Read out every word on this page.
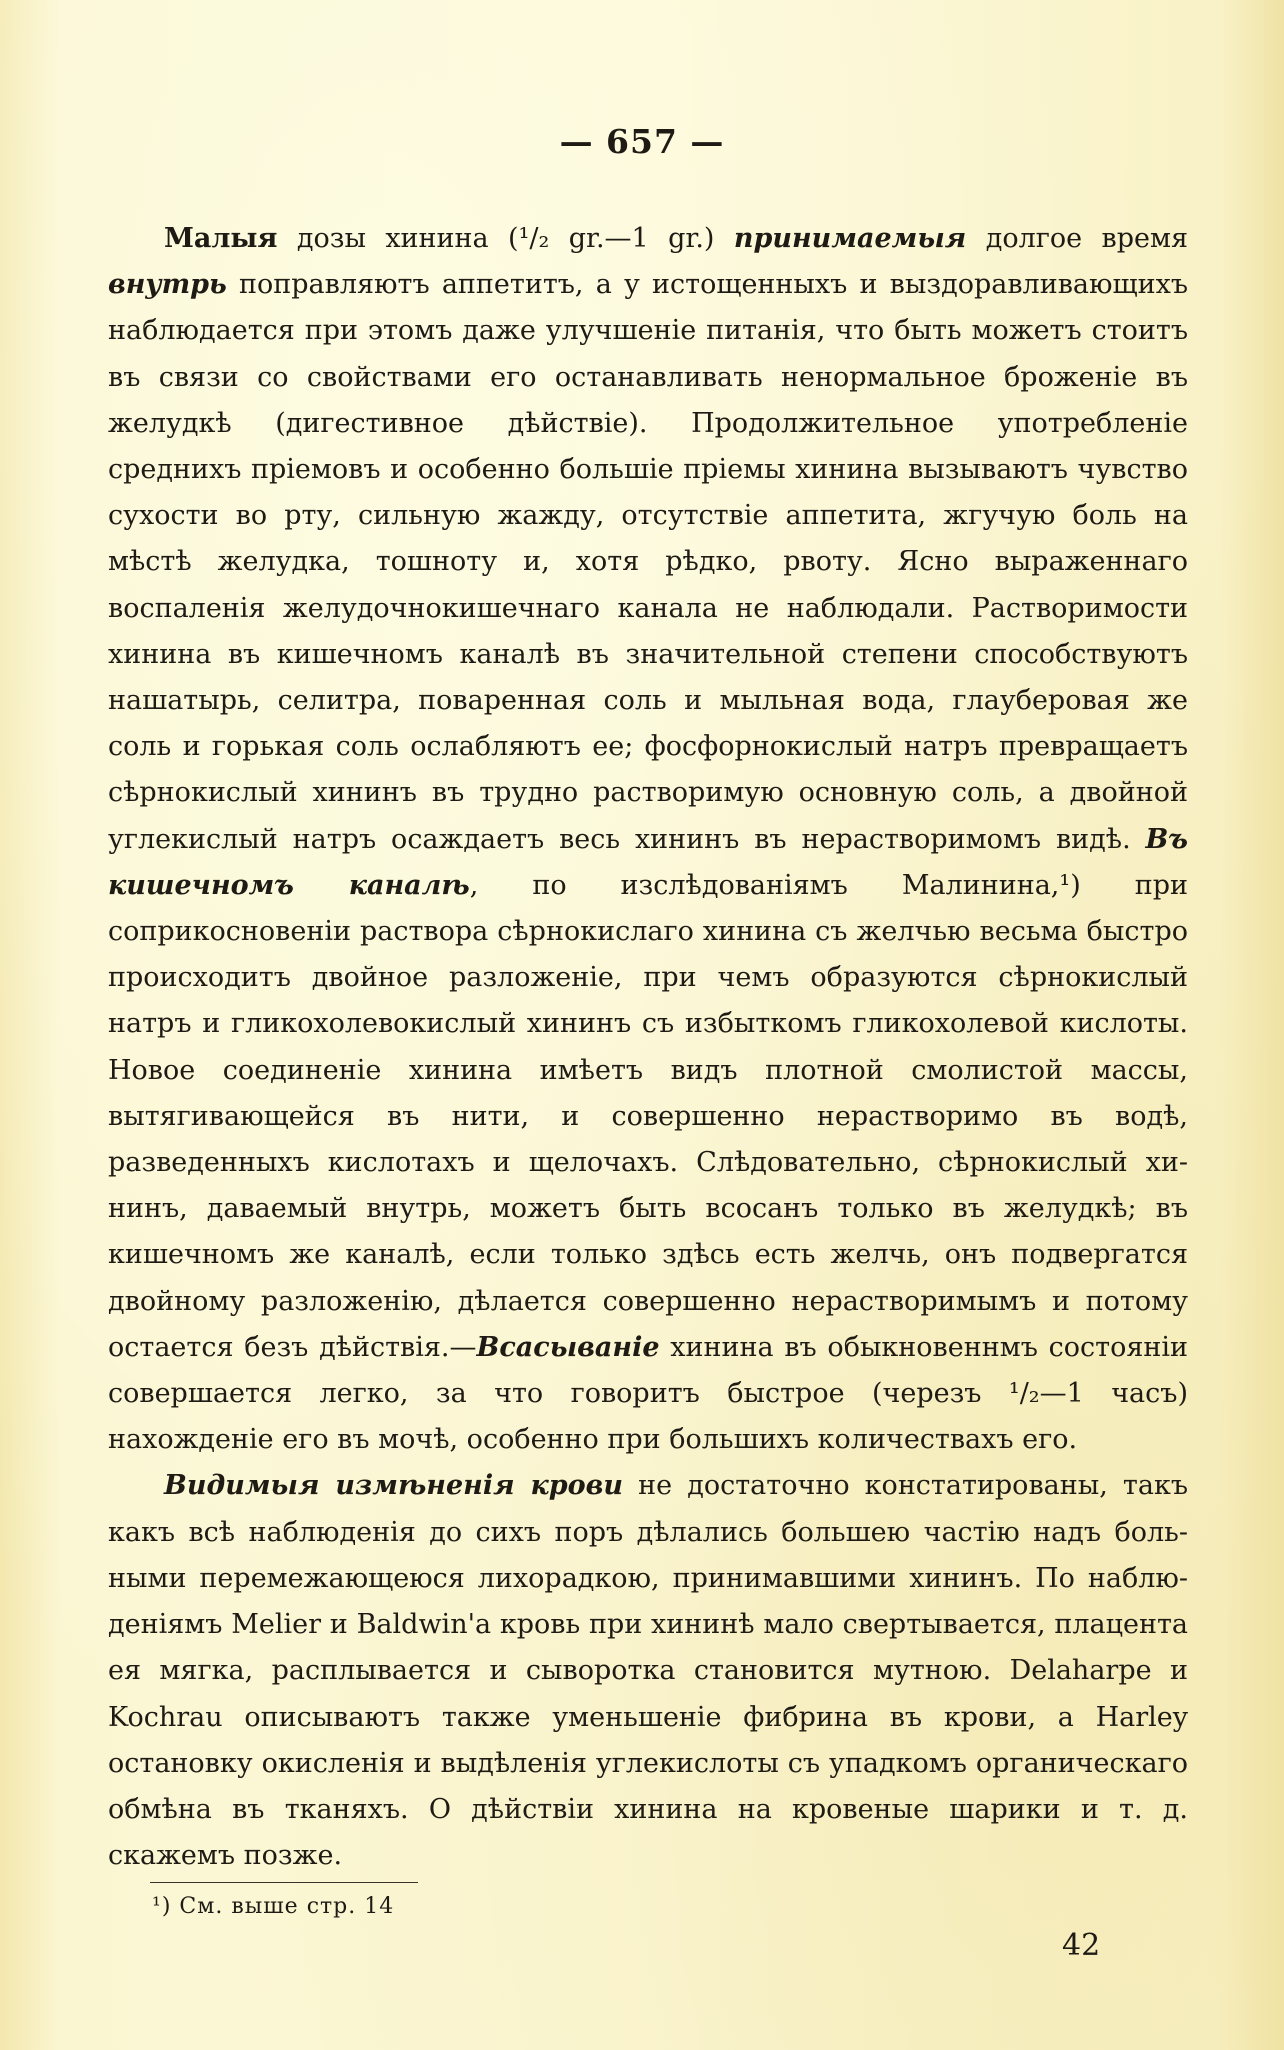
— 657 —

Малыя дозы хинина (¹/₂ gr.—1 gr.) принимаемыя долгое время внутрь поправляютъ аппетитъ, а у истощенныхъ и выздоравливающихъ наблюдается при этомъ даже улучшеніе питанія, что быть можетъ стоитъ въ связи со свойствами его останавливать ненормальное броженіе въ желудкѣ (дигестивное дѣйствіе). Продолжительное употребленіе среднихъ пріемовъ и особенно большіе пріемы хинина вызываютъ чувство сухости во рту, сильную жажду, отсутствіе аппетита, жгучую боль на мѣстѣ желудка, тошноту и, хотя рѣдко, рвоту. Ясно выраженнаго воспаленія желудочнокишечнаго канала не наблюдали. Растворимости хинина въ кишечномъ каналѣ въ значительной степени способствуютъ нашатырь, селитра, поваренная соль и мыльная вода, глауберовая же соль и горькая соль ослабляютъ ее; фосфорнокислый натръ превращаетъ сѣрнокислый хининъ въ трудно растворимую основную соль, а двойной углекислый натръ осаждаетъ весь хининъ въ нерастворимомъ видѣ. Въ кишечномъ каналѣ, по изслѣдованіямъ Малинина,¹) при соприкосновеніи раствора сѣрнокислаго хинина съ желчью весьма быстро происходитъ двойное разложеніе, при чемъ образуются сѣрнокислый натръ и гликохолевокислый хининъ съ избыткомъ гликохолевой кислоты. Новое соединеніе хинина имѣетъ видъ плотной смолистой массы, вытягивающейся въ нити, и совершенно нерастворимо въ водѣ, разведенныхъ кислотахъ и щелочахъ. Слѣдовательно, сѣрнокислый хининъ, даваемый внутрь, можетъ быть всосанъ только въ желудкѣ; въ кишечномъ же каналѣ, если только здѣсь есть желчь, онъ подвергатся двойному разложенію, дѣлается совершенно нерастворимымъ и потому остается безъ дѣйствія.—Всасываніе хинина въ обыкновеннмъ состояніи совершается легко, за что говоритъ быстрое (черезъ ¹/₂—1 часъ) нахожденіе его въ мочѣ, особенно при большихъ количествахъ его.

Видимыя измѣненія крови не достаточно констатированы, такъ какъ всѣ наблюденія до сихъ поръ дѣлались большею частію надъ больными перемежающеюся лихорадкою, принимавшими хининъ. По наблюденіямъ Melier и Baldwin'a кровь при хининѣ мало свертывается, плацента ея мягка, расплывается и сыворотка становится мутною. Delaharpe и Kochrau описываютъ также уменьшеніе фибрина въ крови, а Harley остановку окисленія и выдѣленія углекислоты съ упадкомъ органическаго обмѣна въ тканяхъ. О дѣйствіи хинина на кровеные шарики и т. д. скажемъ позже.

¹) См. выше стр. 14
42
